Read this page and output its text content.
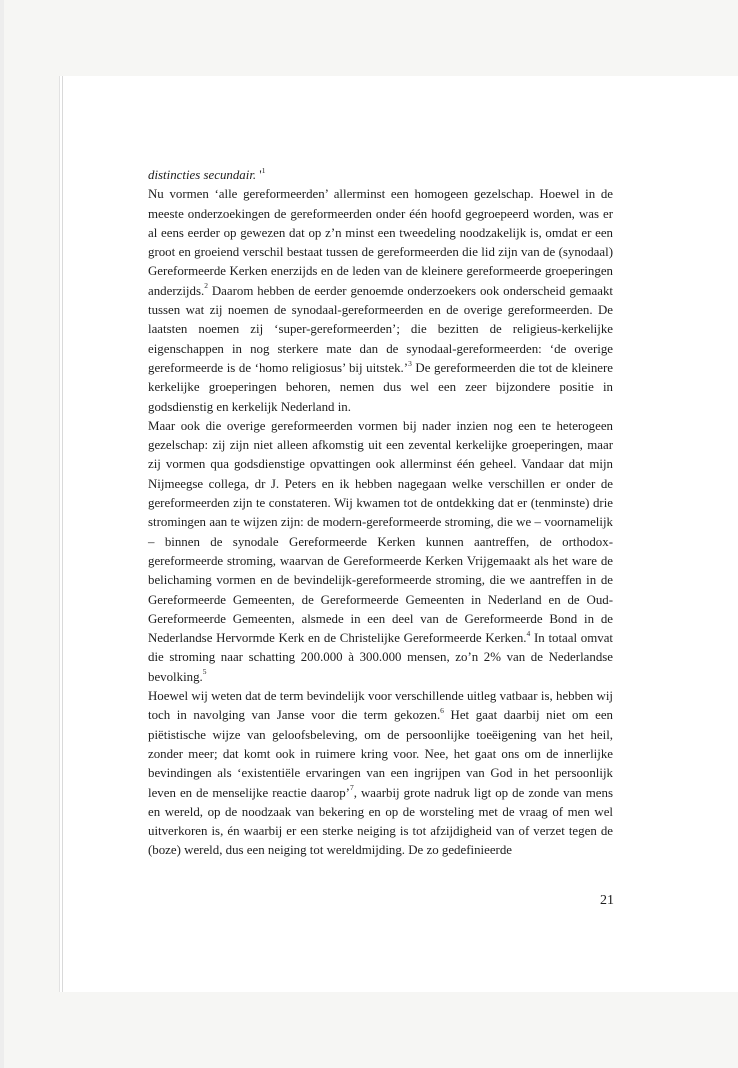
distincties secundair. '$^1$

Nu vormen ‘alle gereformeerden’ allerminst een homogeen gezelschap. Hoewel in de meeste onderzoekingen de gereformeerden onder één hoofd gegroepeerd worden, was er al eens eerder op gewezen dat op z’n minst een tweedeling noodzakelijk is, omdat er een groot en groeiend verschil bestaat tussen de gereformeerden die lid zijn van de (synodaal) Gereformeerde Kerken enerzijds en de leden van de kleinere gereformeerde groeperingen anderzijds.$^2$ Daarom hebben de eerder genoemde onderzoekers ook onderscheid gemaakt tussen wat zij noemen de synodaal-gereformeerden en de overige gereformeerden. De laatsten noemen zij ‘super-gereformeerden’; die bezitten de religieus-kerkelijke eigenschappen in nog sterkere mate dan de synodaal-gereformeerden: ‘de overige gereformeerde is de ‘homo religiosus’ bij uitstek.’$^3$ De gereformeerden die tot de kleinere kerkelijke groeperingen behoren, nemen dus wel een zeer bijzondere positie in godsdienstig en kerkelijk Nederland in.

Maar ook die overige gereformeerden vormen bij nader inzien nog een te heterogeen gezelschap: zij zijn niet alleen afkomstig uit een zevental kerkelijke groeperingen, maar zij vormen qua godsdienstige opvattingen ook allerminst één geheel. Vandaar dat mijn Nijmeegse collega, dr J. Peters en ik hebben nagegaan welke verschillen er onder de gereformeerden zijn te constateren. Wij kwamen tot de ontdekking dat er (tenminste) drie stromingen aan te wijzen zijn: de modern-gereformeerde stroming, die we – voornamelijk – binnen de synodale Gereformeerde Kerken kunnen aantreffen, de orthodox-gereformeerde stroming, waarvan de Gereformeerde Kerken Vrijgemaakt als het ware de belichaming vormen en de bevindelijk-gereformeerde stroming, die we aantreffen in de Gereformeerde Gemeenten, de Gereformeerde Gemeenten in Nederland en de Oud-Gereformeerde Gemeenten, alsmede in een deel van de Gereformeerde Bond in de Nederlandse Hervormde Kerk en de Christelijke Gereformeerde Kerken.$^4$ In totaal omvat die stroming naar schatting 200.000 à 300.000 mensen, zo’n 2% van de Nederlandse bevolking.$^5$

Hoewel wij weten dat de term bevindelijk voor verschillende uitleg vatbaar is, hebben wij toch in navolging van Janse voor die term gekozen.$^6$ Het gaat daarbij niet om een piëtistische wijze van geloofsbeleving, om de persoonlijke toeëigening van het heil, zonder meer; dat komt ook in ruimere kring voor. Nee, het gaat ons om de innerlijke bevindingen als ‘existentiële ervaringen van een ingrijpen van God in het persoonlijk leven en de menselijke reactie daarop’$^7$, waarbij grote nadruk ligt op de zonde van mens en wereld, op de noodzaak van bekering en op de worsteling met de vraag of men wel uitverkoren is, én waarbij er een sterke neiging is tot afzijdigheid van of verzet tegen de (boze) wereld, dus een neiging tot wereldmijding. De zo gedefinieerde

21
